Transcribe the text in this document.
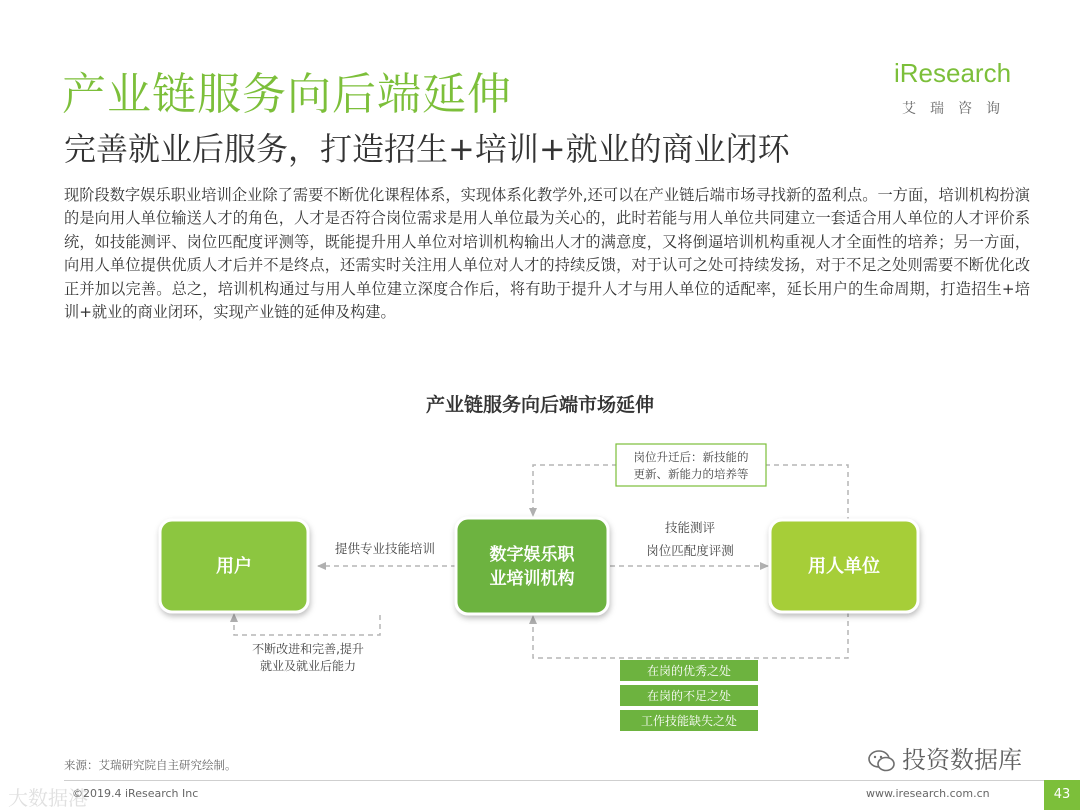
产业链服务向后端延伸
完善就业后服务，打造招生+培训+就业的商业闭环
iResearch
艾瑞咨询
现阶段数字娱乐职业培训企业除了需要不断优化课程体系，实现体系化教学外,还可以在产业链后端市场寻找新的盈利点。一方面，培训机构扮演的是向用人单位输送人才的角色，人才是否符合岗位需求是用人单位最为关心的，此时若能与用人单位共同建立一套适合用人单位的人才评价系统，如技能测评、岗位匹配度评测等，既能提升用人单位对培训机构输出人才的满意度，又将倒逼培训机构重视人才全面性的培养；另一方面，向用人单位提供优质人才后并不是终点，还需实时关注用人单位对人才的持续反馈，对于认可之处可持续发扬，对于不足之处则需要不断优化改正并加以完善。总之，培训机构通过与用人单位建立深度合作后，将有助于提升人才与用人单位的适配率，延长用户的生命周期，打造招生+培训+就业的商业闭环，实现产业链的延伸及构建。
产业链服务向后端市场延伸
岗位升迁后：新技能的
更新、新能力的培养等
提供专业技能培训
技能测评
岗位匹配度评测
不断改进和完善,提升
就业及就业后能力
用户
数字娱乐职
业培训机构
用人单位
在岗的优秀之处
在岗的不足之处
工作技能缺失之处
来源：艾瑞研究院自主研究绘制。	投资数据库
大数据港
©2019.4 iResearch Inc	www.iresearch.com.cn	43
